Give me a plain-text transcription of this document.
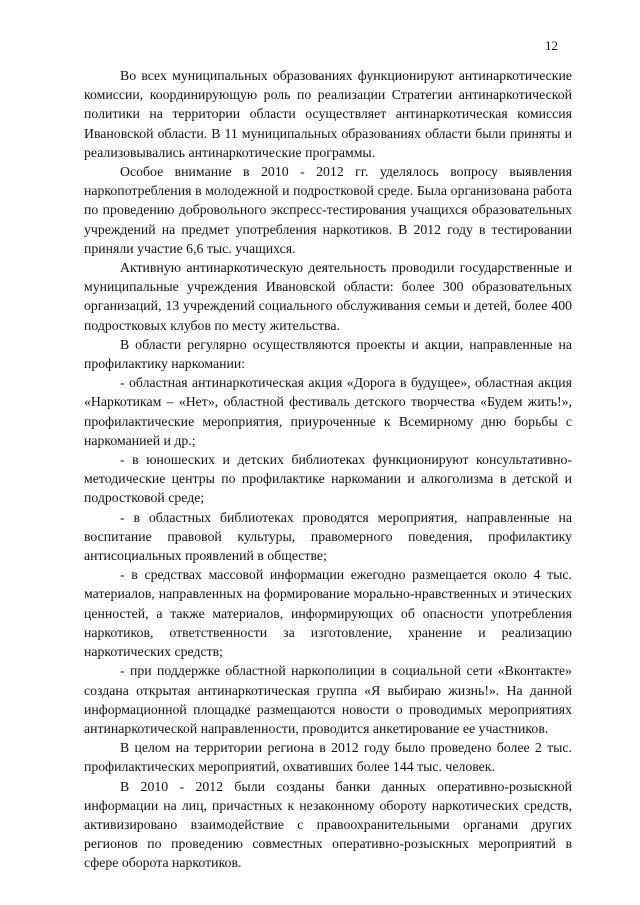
12

Во всех муниципальных образованиях функционируют антинаркотические комиссии, координирующую роль по реализации Стратегии антинаркотической политики на территории области осуществляет антинаркотическая комиссия Ивановской области. В 11 муниципальных образованиях области были приняты и реализовывались антинаркотические программы.

Особое внимание в 2010 - 2012 гг. уделялось вопросу выявления наркопотребления в молодежной и подростковой среде. Была организована работа по проведению добровольного экспресс-тестирования учащихся образовательных учреждений на предмет употребления наркотиков. В 2012 году в тестировании приняли участие 6,6 тыс. учащихся.

Активную антинаркотическую деятельность проводили государственные и муниципальные учреждения Ивановской области: более 300 образовательных организаций, 13 учреждений социального обслуживания семьи и детей, более 400 подростковых клубов по месту жительства.

В области регулярно осуществляются проекты и акции, направленные на профилактику наркомании:

- областная антинаркотическая акция «Дорога в будущее», областная акция «Наркотикам – «Нет», областной фестиваль детского творчества «Будем жить!», профилактические мероприятия, приуроченные к Всемирному дню борьбы с наркоманией и др.;

- в юношеских и детских библиотеках функционируют консультативно-методические центры по профилактике наркомании и алкоголизма в детской и подростковой среде;

- в областных библиотеках проводятся мероприятия, направленные на воспитание правовой культуры, правомерного поведения, профилактику антисоциальных проявлений в обществе;

- в средствах массовой информации ежегодно размещается около 4 тыс. материалов, направленных на формирование морально-нравственных и этических ценностей, а также материалов, информирующих об опасности употребления наркотиков, ответственности за изготовление, хранение и реализацию наркотических средств;

- при поддержке областной наркополиции в социальной сети «Вконтакте» создана открытая антинаркотическая группа «Я выбираю жизнь!». На данной информационной площадке размещаются новости о проводимых мероприятиях антинаркотической направленности, проводится анкетирование ее участников.

В целом на территории региона в 2012 году было проведено более 2 тыс. профилактических мероприятий, охвативших более 144 тыс. человек.

В 2010 - 2012 были созданы банки данных оперативно-розыскной информации на лиц, причастных к незаконному обороту наркотических средств, активизировано взаимодействие с правоохранительными органами других регионов по проведению совместных оперативно-розыскных мероприятий в сфере оборота наркотиков.
